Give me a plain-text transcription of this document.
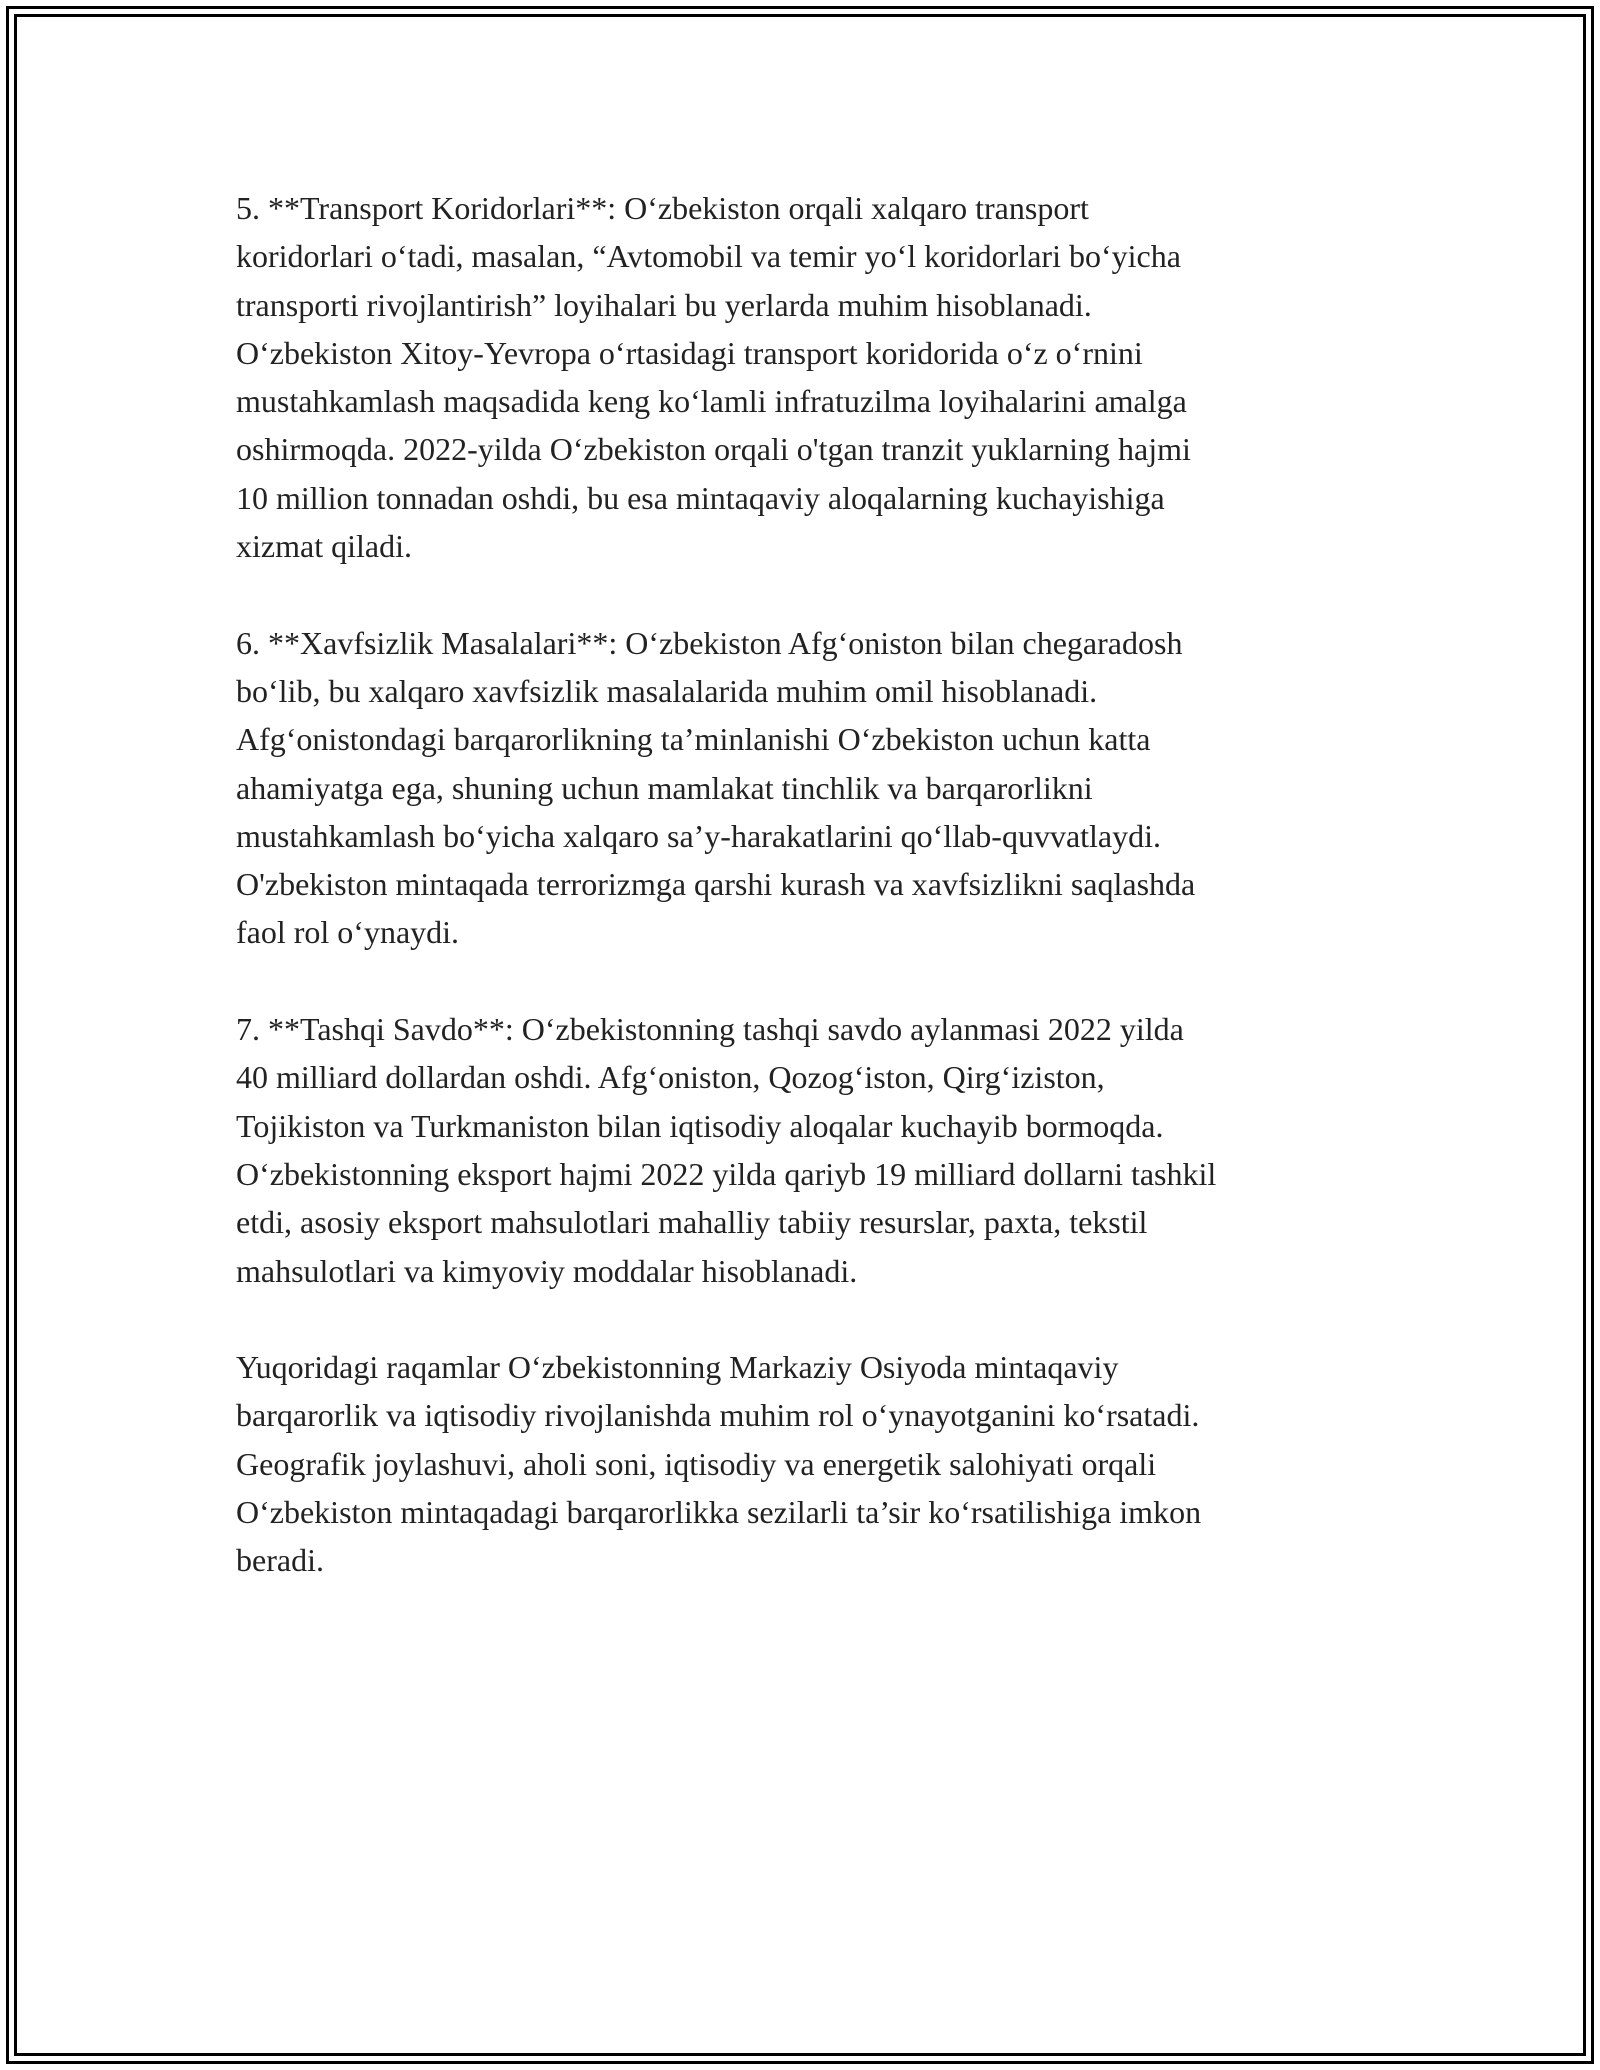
5. **Transport Koridorlari**: O‘zbekiston orqali xalqaro transport
koridorlari o‘tadi, masalan, “Avtomobil va temir yo‘l koridorlari bo‘yicha
transporti rivojlantirish” loyihalari bu yerlarda muhim hisoblanadi.
O‘zbekiston Xitoy-Yevropa o‘rtasidagi transport koridorida o‘z o‘rnini
mustahkamlash maqsadida keng ko‘lamli infratuzilma loyihalarini amalga
oshirmoqda. 2022-yilda O‘zbekiston orqali o'tgan tranzit yuklarning hajmi
10 million tonnadan oshdi, bu esa mintaqaviy aloqalarning kuchayishiga
xizmat qiladi.

6. **Xavfsizlik Masalalari**: O‘zbekiston Afg‘oniston bilan chegaradosh
bo‘lib, bu xalqaro xavfsizlik masalalarida muhim omil hisoblanadi.
Afg‘onistondagi barqarorlikning ta’minlanishi O‘zbekiston uchun katta
ahamiyatga ega, shuning uchun mamlakat tinchlik va barqarorlikni
mustahkamlash bo‘yicha xalqaro sa’y-harakatlarini qo‘llab-quvvatlaydi.
O'zbekiston mintaqada terrorizmga qarshi kurash va xavfsizlikni saqlashda
faol rol o‘ynaydi.

7. **Tashqi Savdo**: O‘zbekistonning tashqi savdo aylanmasi 2022 yilda
40 milliard dollardan oshdi. Afg‘oniston, Qozog‘iston, Qirg‘iziston,
Tojikiston va Turkmaniston bilan iqtisodiy aloqalar kuchayib bormoqda.
O‘zbekistonning eksport hajmi 2022 yilda qariyb 19 milliard dollarni tashkil
etdi, asosiy eksport mahsulotlari mahalliy tabiiy resurslar, paxta, tekstil
mahsulotlari va kimyoviy moddalar hisoblanadi.

Yuqoridagi raqamlar O‘zbekistonning Markaziy Osiyoda mintaqaviy
barqarorlik va iqtisodiy rivojlanishda muhim rol o‘ynayotganini ko‘rsatadi.
Geografik joylashuvi, aholi soni, iqtisodiy va energetik salohiyati orqali
O‘zbekiston mintaqadagi barqarorlikka sezilarli ta’sir ko‘rsatilishiga imkon
beradi.
